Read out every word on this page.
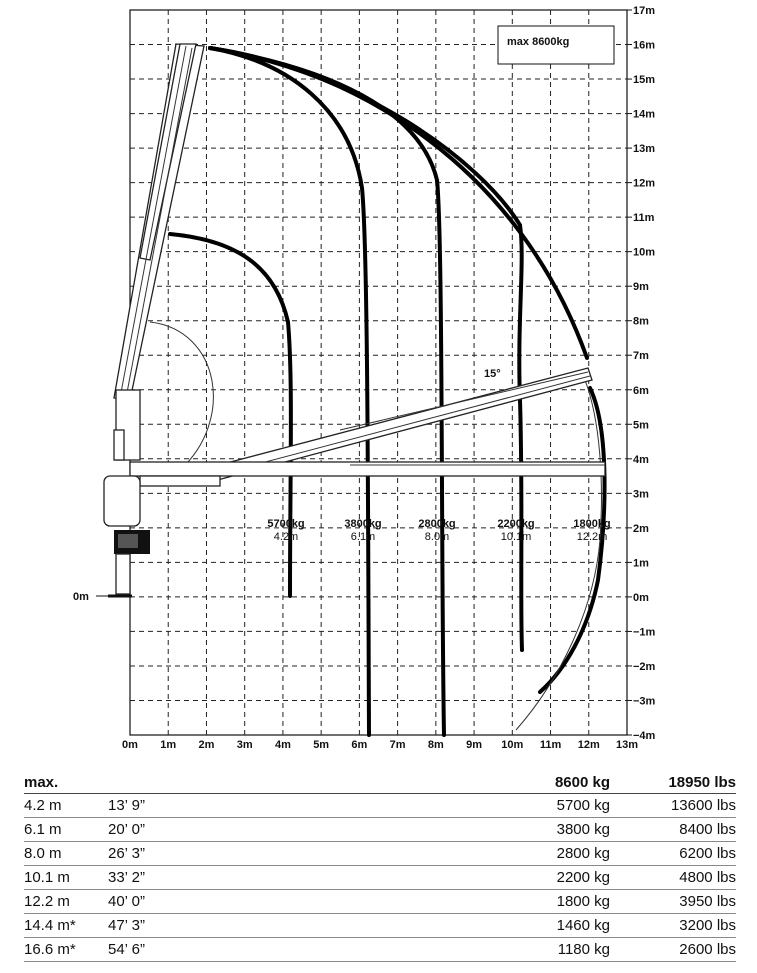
17m
16m
15m
14m
13m
12m
11m
10m
9m
8m
7m
6m
5m
4m
3m
2m
1m
0m
−1m
−2m
−3m
−4m
0m 1m 2m 3m 4m 5m 6m 7m 8m 9m 10m 11m 12m 13m
max 8600kg
0m
15°
5700kg
4.2m
3800kg
6.1m
2800kg
8.0m
2200kg
10.1m
1800kg
12.2m
max.		8600 kg	18950 lbs
4.2 m	13’ 9”	5700 kg	13600 lbs
6.1 m	20’ 0”	3800 kg	8400 lbs
8.0 m	26’ 3”	2800 kg	6200 lbs
10.1 m	33’ 2”	2200 kg	4800 lbs
12.2 m	40’ 0”	1800 kg	3950 lbs
14.4 m*	47’ 3”	1460 kg	3200 lbs
16.6 m*	54’ 6”	1180 kg	2600 lbs
